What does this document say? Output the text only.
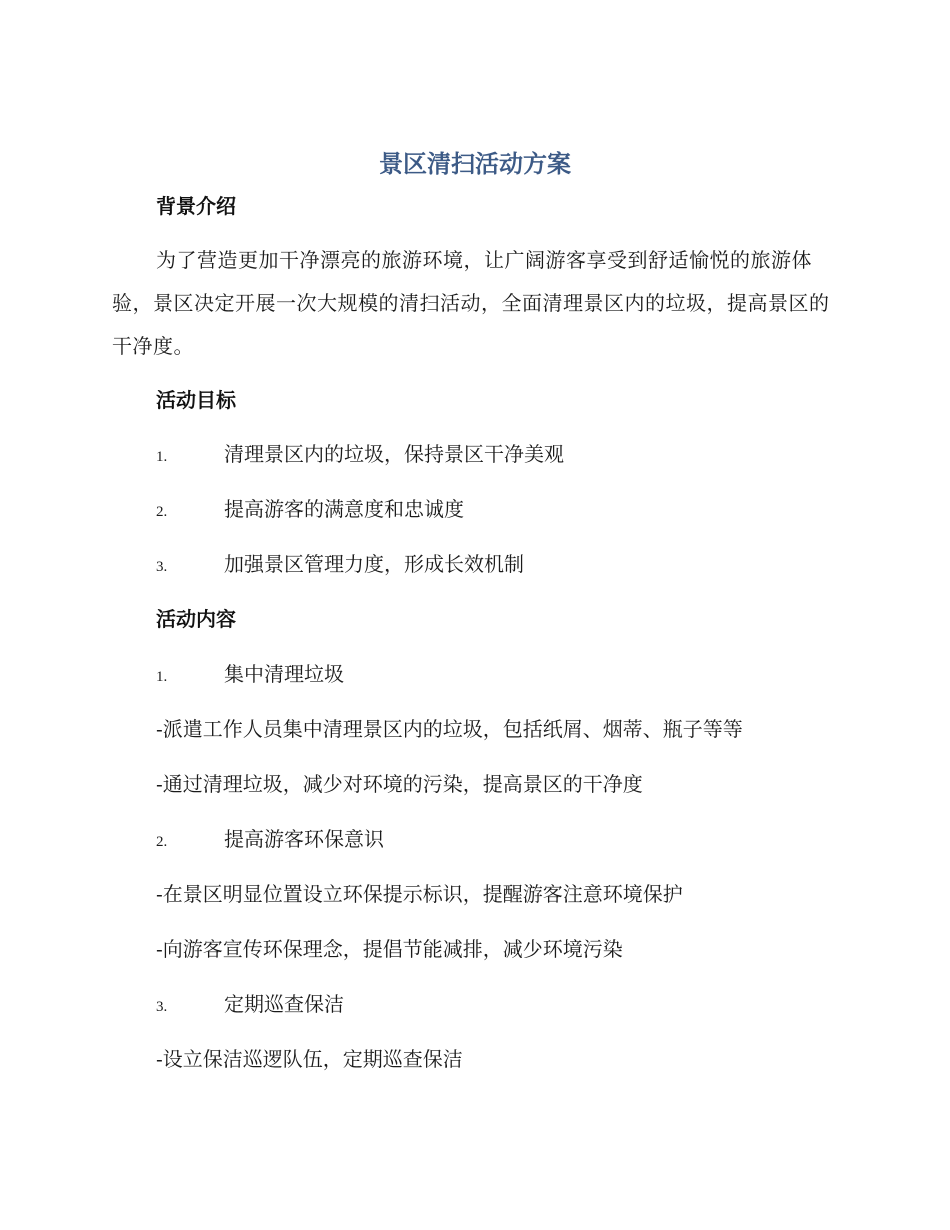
景区清扫活动方案
背景介绍
为了营造更加干净漂亮的旅游环境，让广阔游客享受到舒适愉悦的旅游体验，景区决定开展一次大规模的清扫活动，全面清理景区内的垃圾，提高景区的干净度。
活动目标
1.	清理景区内的垃圾，保持景区干净美观
2.	提高游客的满意度和忠诚度
3.	加强景区管理力度，形成长效机制
活动内容
1.	集中清理垃圾
-派遣工作人员集中清理景区内的垃圾，包括纸屑、烟蒂、瓶子等等
-通过清理垃圾，减少对环境的污染，提高景区的干净度
2.	提高游客环保意识
-在景区明显位置设立环保提示标识，提醒游客注意环境保护
-向游客宣传环保理念，提倡节能减排，减少环境污染
3.	定期巡查保洁
-设立保洁巡逻队伍，定期巡查保洁
